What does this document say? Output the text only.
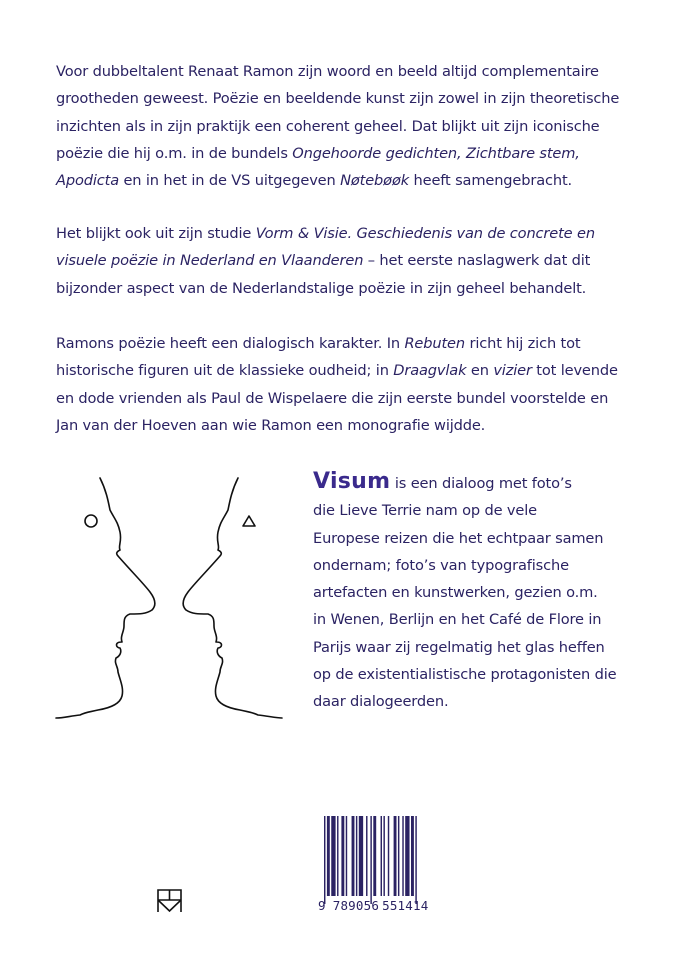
Voor dubbeltalent Renaat Ramon zijn woord en beeld altijd complementaire
grootheden geweest. Poëzie en beeldende kunst zijn zowel in zijn theoretische
inzichten als in zijn praktijk een coherent geheel. Dat blijkt uit zijn iconische
poëzie die hij o.m. in de bundels Ongehoorde gedichten, Zichtbare stem,
Apodicta en in het in de VS uitgegeven Nøtebøøk heeft samengebracht.
Het blijkt ook uit zijn studie Vorm & Visie. Geschiedenis van de concrete en
visuele poëzie in Nederland en Vlaanderen – het eerste naslagwerk dat dit
bijzonder aspect van de Nederlandstalige poëzie in zijn geheel behandelt.
Ramons poëzie heeft een dialogisch karakter. In Rebuten richt hij zich tot
historische figuren uit de klassieke oudheid; in Draagvlak en vizier tot levende
en dode vrienden als Paul de Wispelaere die zijn eerste bundel voorstelde en
Jan van der Hoeven aan wie Ramon een monografie wijdde.
Visum is een dialoog met foto’s
die Lieve Terrie nam op de vele
Europese reizen die het echtpaar samen
ondernam; foto’s van typografische
artefacten en kunstwerken, gezien o.m.
in Wenen, Berlijn en het Café de Flore in
Parijs waar zij regelmatig het glas heffen
op de existentialistische protagonisten die
daar dialogeerden.
9 789056 551414
